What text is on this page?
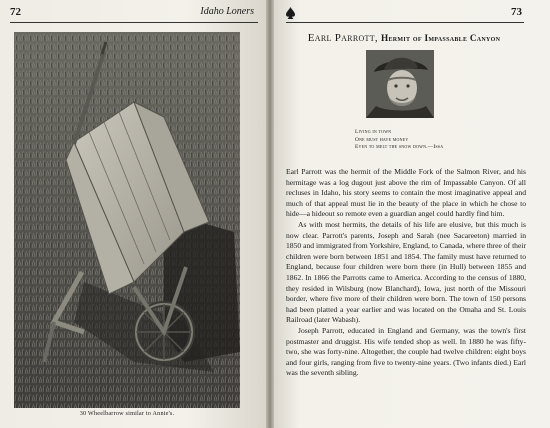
72	Idaho Loners
30 Wheelbarrow similar to Annie's.
73
Earl Parrott, Hermit of Impassable Canyon
Living in town
One must have money
Even to melt the snow down.—Issa

Earl Parrott was the hermit of the Middle Fork of the Salmon River, and his hermitage was a log dugout just above the rim of Impassable Canyon. Of all recluses in Idaho, his story seems to contain the most imaginative appeal and much of that appeal must lie in the beauty of the place in which he chose to hide—a hideout so remote even a guardian angel could hardly find him.

As with most hermits, the details of his life are elusive, but this much is now clear. Parrott's parents, Joseph and Sarah (nee Sacareeton) married in 1850 and immigrated from Yorkshire, England, to Canada, where three of their children were born between 1851 and 1854. The family must have returned to England, because four children were born there (in Hull) between 1855 and 1862. In 1866 the Parrotts came to America. According to the census of 1880, they resided in Wilsburg (now Blanchard), Iowa, just north of the Missouri border, where five more of their children were born. The town of 150 persons had been platted a year earlier and was located on the Omaha and St. Louis Railroad (later Wabash).

Joseph Parrott, educated in England and Germany, was the town's first postmaster and druggist. His wife tended shop as well. In 1880 he was fifty-two, she was forty-nine. Altogether, the couple had twelve children: eight boys and four girls, ranging from five to twenty-nine years. (Two infants died.) Earl was the seventh sibling.
